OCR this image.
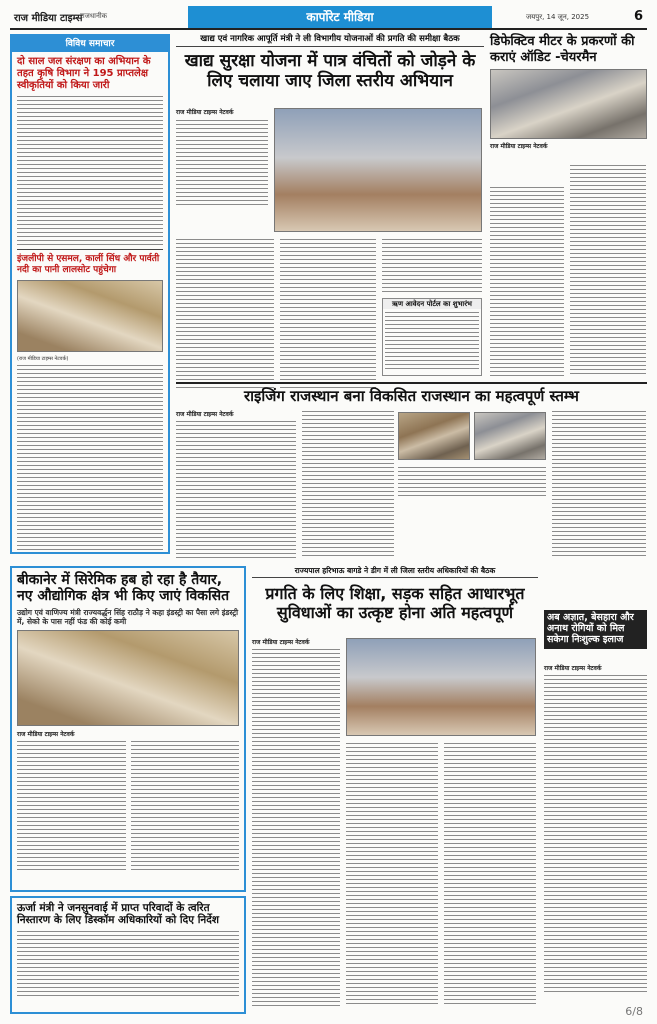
राज मीडिया टाइम्स
राजधानीक	कार्पोरेट मीडिया	जयपुर, 14 जून, 2025	6
विविध समाचार
दो साल जल संरक्षण का अभियान के तहत कृषि विभाग ने 195 प्राप्तलेक्ष स्वीकृतियों को किया जारी
इंजलीपी से एसमल, कालीं सिंध और पार्वती नदी का पानी लालसोट पहुंचेगा
(राज मीडिया टाइम्स नेटवर्क)
खाद्य एवं नागरिक आपूर्ति मंत्री ने ली विभागीय योजनाओं की प्रगति की समीक्षा बैठक
खाद्य सुरक्षा योजना में पात्र वंचितों को जोड़ने के लिए चलाया जाए जिला स्तरीय अभियान
राज मीडिया टाइम्स नेटवर्क
ऋण आवेदन पोर्टल का शुभारंभ
डिफेक्टिव मीटर के प्रकरणों की कराएं ऑडिट -चेयरमैन
राज मीडिया टाइम्स नेटवर्क
राइजिंग राजस्थान बना विकसित राजस्थान का महत्वपूर्ण स्तम्भ
राज मीडिया टाइम्स नेटवर्क
बीकानेर में सिरेमिक हब हो रहा है तैयार, नए औद्योगिक क्षेत्र भी किए जाएं विकसित
उद्योग एवं वाणिज्य मंत्री राज्यवर्द्धन सिंह राठौड़ ने कहा इंडस्ट्री का पैसा लगे इंडस्ट्री में, सेको के पास नहीं फंड की कोई कमी
राज मीडिया टाइम्स नेटवर्क
ऊर्जा मंत्री ने जनसुनवाई में प्राप्त परिवादों के त्वरित निस्तारण के लिए डिस्कॉम अधिकारियों को दिए निर्देश
राज्यपाल हरिभाऊ बागडे ने डीग में ली जिला स्तरीय अधिकारियों की बैठक
प्रगति के लिए शिक्षा, सड़क सहित आधारभूत सुविधाओं का उत्कृष्ट होना अति महत्वपूर्ण
राज मीडिया टाइम्स नेटवर्क
अब अज्ञात, बेसहारा और अनाथ रोगियों को मिल सकेगा निःशुल्क इलाज
राज मीडिया टाइम्स नेटवर्क
6/8
